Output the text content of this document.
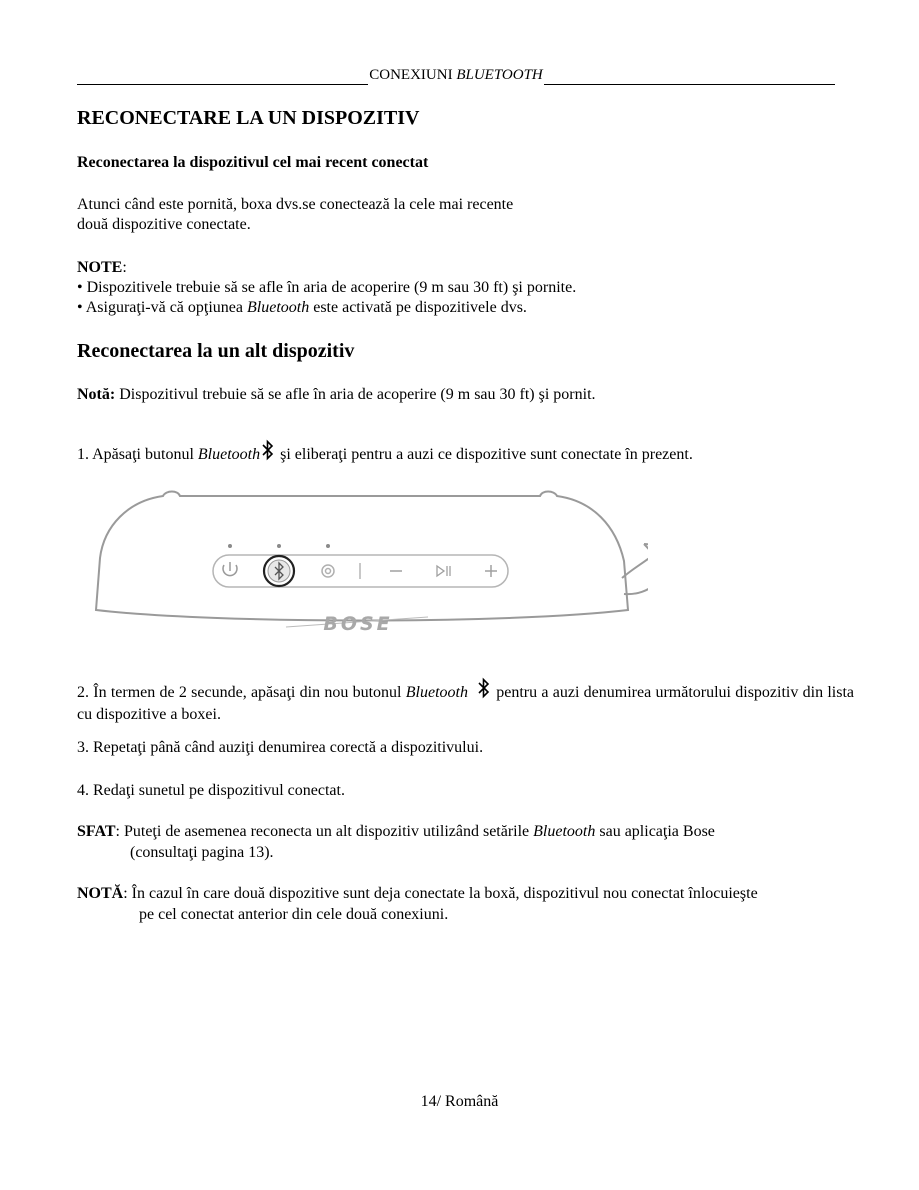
CONEXIUNI BLUETOOTH
RECONECTARE LA UN DISPOZITIV
Reconectarea la dispozitivul cel mai recent conectat
Atunci când este pornită, boxa dvs.se conectează la cele mai recente
două dispozitive conectate.
NOTE:
• Dispozitivele trebuie să se afle în aria de acoperire (9 m sau 30 ft) şi pornite.
• Asiguraţi-vă că opţiunea Bluetooth este activată pe dispozitivele dvs.
Reconectarea la un alt dispozitiv
Notă: Dispozitivul trebuie să se afle în aria de acoperire (9 m sau 30 ft) şi pornit.
1. Apăsaţi butonul Bluetooth şi eliberaţi pentru a auzi ce dispozitive sunt conectate în prezent.
BOSE
2. În termen de 2 secunde, apăsaţi din nou butonul Bluetooth pentru a auzi denumirea următorului dispozitiv din lista cu dispozitive a boxei.
3. Repetaţi până când auziţi denumirea corectă a dispozitivului.
4. Redaţi sunetul pe dispozitivul conectat.
SFAT: Puteţi de asemenea reconecta un alt dispozitiv utilizând setările Bluetooth sau aplicaţia Bose
(consultaţi pagina 13).
NOTĂ: În cazul în care două dispozitive sunt deja conectate la boxă, dispozitivul nou conectat înlocuieşte
pe cel conectat anterior din cele două conexiuni.
14/ Română
